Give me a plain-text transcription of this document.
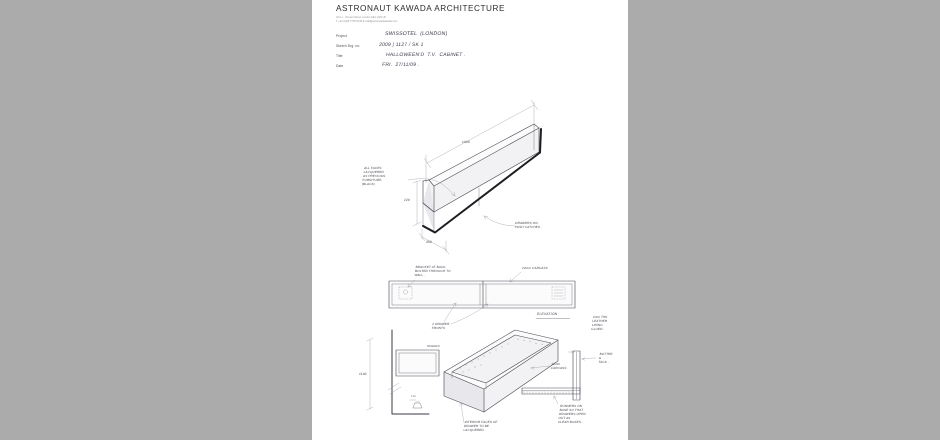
ASTRONAUT KAWADA ARCHITECTURE
Unit 1 · 32 Lant Street London SE1 1QN UK
T +44 (0)20 7378 9145 E mail@astronautkawada.com
Project
Sketch Drg. no.
Title
Date
SWISSOTEL  (LONDON)
2009 | 1127 / SK 1
HALLOWEEN'D  T.V.  CABINET .
FRI.  27/11/09 .
1900
220
350
ALL FACES
LACQUERED
AS PREVIOUS
FURNITURE.
(BLACK)
DRAWERS ON
PUSH CATCHES .
BRACKET AT BACK,
BOLTED THROUGH TO
WALL .
22mm CARCASS
2 DRAWER
FRONTS
ELEVATION
1100
FFL
SCREEN
15mm
CARCASS
INTERIOR FACES OF
DRAWER TO BE
LACQUERED .
2mm THK
LEATHER
LINING
GLUED .
BUTTER
&
TACK .
RUNNERS ON
BASE SO THAT
DRAWERS OPEN
OUT AS
CLEAN BOXES.
